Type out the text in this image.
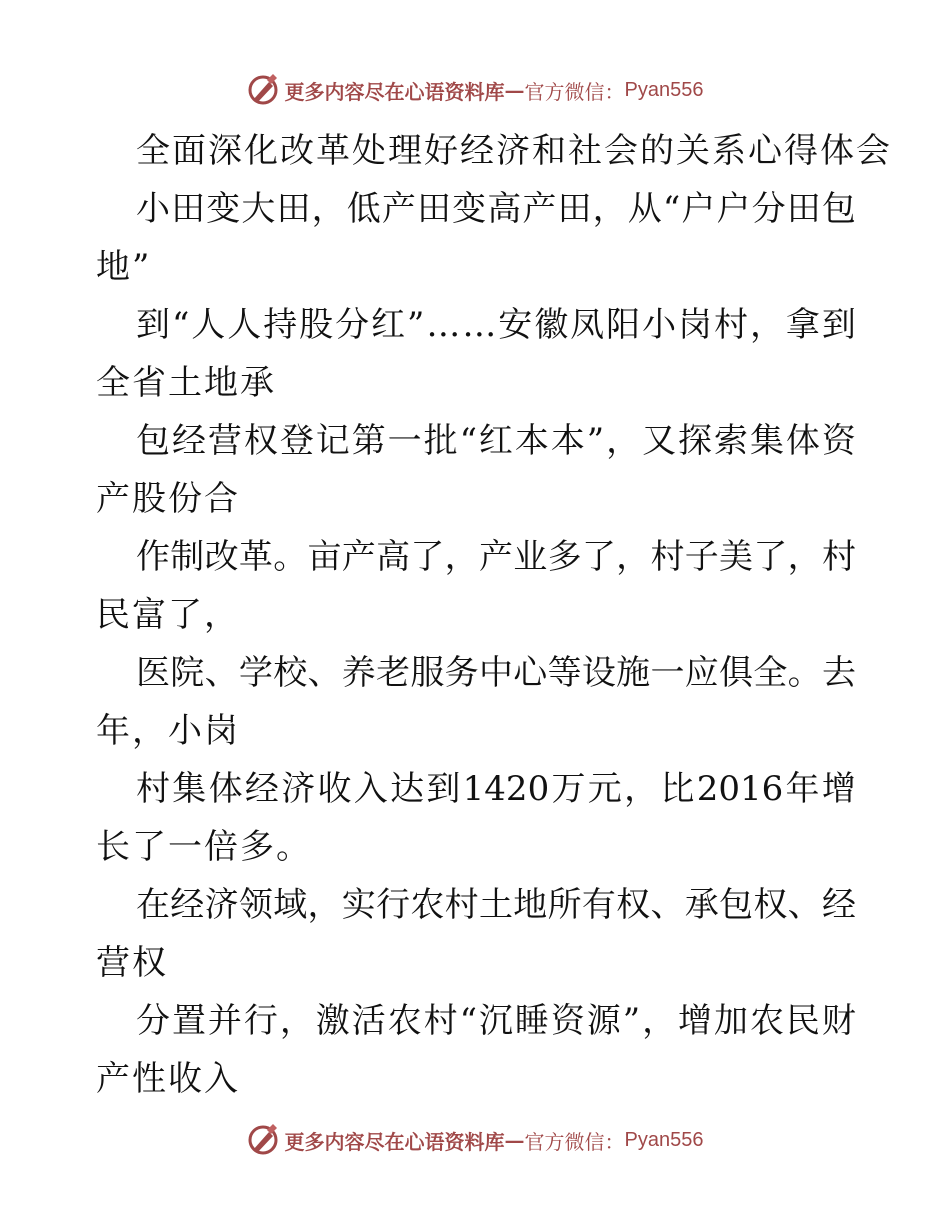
更多内容尽在心语资料库 — 官方微信： Pyan556
全面深化改革处理好经济和社会的关系心得体会
小 田 变 大 田 ， 低 产 田 变 高 产 田 ， 从 “ 户 户 分 田 包
地”
到 “ 人 人 持 股 分 红 ” … … 安 徽 凤 阳 小 岗 村 ， 拿 到
全省土地承
包 经 营 权 登 记 第 一 批 “ 红 本 本 ” ， 又 探 索 集 体 资
产股份合
作 制 改 革 。 亩 产 高 了 ， 产 业 多 了 ， 村 子 美 了 ， 村
民富了，
医 院 、 学 校 、 养 老 服 务 中 心 等 设 施 一 应 俱 全 。 去
年，小岗
村 集 体 经 济 收 入 达 到 1420 万 元 ， 比 2016 年 增
长了一倍多。
在 经 济 领 域 ， 实 行 农 村 土 地 所 有 权 、 承 包 权 、 经
营权
分 置 并 行 ， 激 活 农 村 “ 沉 睡 资 源 ” ， 增 加 农 民 财
产性收入
更多内容尽在心语资料库 — 官方微信： Pyan556
